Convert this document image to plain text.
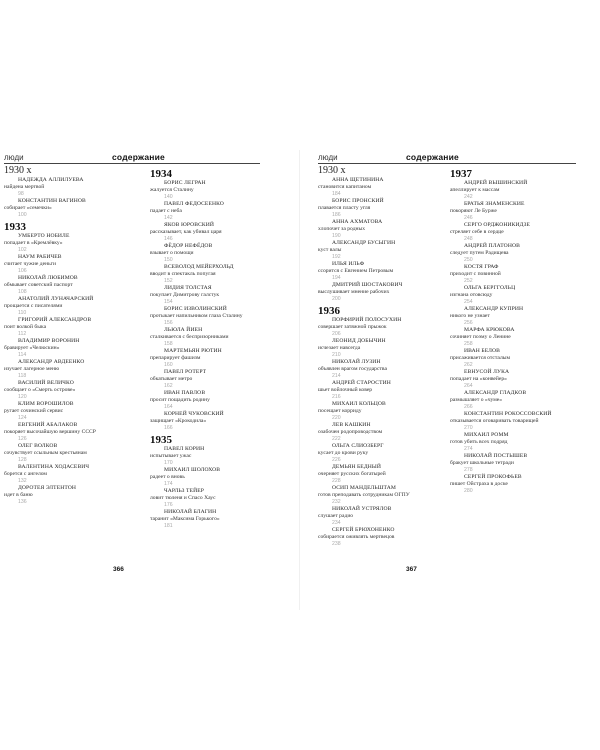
люди	содержание
1930 х
НАДЕЖДА АЛЛИЛУЕВА
найдена мертвой
98
КОНСТАНТИН ВАГИНОВ
собирает «семечки»
100
1933
УМБЕРТО НОБИЛЕ
попадает в «Кремлёвку»
102
НАУМ РАБИЧЕВ
считает чужие деньги
106
НИКОЛАЙ ЛЮБИМОВ
обмывает советский паспорт
108
АНАТОЛИЙ ЛУНАЧАРСКИЙ
прощается с писателями
110
ГРИГОРИЙ АЛЕКСАНДРОВ
поит волкой быка
112
ВЛАДИМИР ВОРОНИН
бравирует «Челюскин»
114
АЛЕКСАНДР АВДЕЕНКО
изучает лагерное меню
118
ВАСИЛИЙ ВЕЛИЧКО
сообщает о «Смерть острове»
120
КЛИМ ВОРОШИЛОВ
ругает сочинский сервис
124
ЕВГЕНИЙ АБАЛАКОВ
покоряет высочайшую вершину СССР
126
ОЛЕГ ВОЛКОВ
сочувствует ссыльным крестьянам
128
ВАЛЕНТИНА ХОДАСЕВИЧ
борется с ангелом
132
ДОРОТЕЯ ЭЛТЕНТОН
идет в баню
136
1934
БОРИС ЛЕГРАН
жалуется Сталину
140
ПАВЕЛ ФЕДОСЕЕНКО
падает с неба
142
ЯКОВ ЮРОВСКИЙ
рассказывает, как убивал царя
146
ФЁДОР НЕФЁДОВ
взывает о помощи
150
ВСЕВОЛОД МЕЙЕРХОЛЬД
вводит в спектакль попугая
152
ЛИДИЯ ТОЛСТАЯ
покупает Димитрову галстук
154
БОРИС ИЗВОЛИНСКИЙ
протыкает напильником глаза Сталину
156
ЛЬЮЛА ЙИЕН
сталкивается с беспризорниками
158
МАРТЕМЬЯН РЮТИН
препарирует фашизм
160
ПАВЕЛ РОТЕРТ
обкатывает метро
162
ИВАН ПАВЛОВ
просит пощадить родину
164
КОРНЕЙ ЧУКОВСКИЙ
защищает «Крокодила»
166
1935
ПАВЕЛ КОРИН
испытывает ужас
170
МИХАИЛ ШОЛОХОВ
радеет о вновь
174
ЧАРЛЬЗ ТЕЙЕР
ловит тюленя и Спасо Хаус
176
НИКОЛАЙ БЛАГИН
таранит «Максима Горького»
181
366
люди	содержание
1930 х
АННА ЩЕТИНИНА
становится капитаном
184
БОРИС ПРОНСКИЙ
плавается пласту угля
186
АННА АХМАТОВА
хлопочет за родных
190
АЛЕКСАНДР БУСЫГИН
куст валы
192
ИЛЬЯ ИЛЬФ
ссорится с Евгением Петровым
194
ДМИТРИЙ ШОСТАКОВИЧ
выслушивает мнение рабочих
200
1936
ПОРФИРИЙ ПОЛОСУХИН
совершает затяжной прыжок
206
ЛЕОНИД ДОБЫЧИН
исчезает навсегда
210
НИКОЛАЙ ЛУЗИН
объявлен врагом государства
214
АНДРЕЙ СТАРОСТИН
шьет войлочный ковер
216
МИХАИЛ КОЛЬЦОВ
посещает корриду
220
ЛЕВ КАШКИН
озабочен родопроводством
222
ОЛЬГА СЛИОЗБЕРГ
кусает до крови руку
226
ДЕМЬЯН БЕДНЫЙ
очерняет русских богатырей
228
ОСИП МАНДЕЛЬШТАМ
готов преподавать сотрудникам ОГПУ
232
НИКОЛАЙ УСТРЯЛОВ
слушает радио
234
СЕРГЕЙ БРЮХОНЕНКО
собирается оживлять мертвецов
238
1937
АНДРЕЙ ВЫШИНСКИЙ
апеллирует к массам
242
БРАТЬЯ ЗНАМЕНСКИЕ
покоряют Ле Бурже
246
СЕРГО ОРДЖОНИКИДЗЕ
стреляет себе в сердце
248
АНДРЕЙ ПЛАТОНОВ
следует путем Радищева
250
КОСТЯ ГРАФ
приходит с повинной
252
ОЛЬГА БЕРГГОЛЬЦ
изгнана отовсюду
254
АЛЕКСАНДР КУПРИН
никого не узнает
256
МАРФА КРЮКОВА
сочиняет поэму о Ленине
258
ИВАН БЕЛОВ
присаживается отсталым
262
ЕВНУСОЙ ЛУКА
попадает на «конвейер»
264
АЛЕКСАНДР ГЛАДКОВ
размышляет о «чуме»
266
КОНСТАНТИН РОКОССОВСКИЙ
отказывается оговаривать товарищей
270
МИХАИЛ РОММ
готов убить всех подряд
274
НИКОЛАЙ ПОСТЫШЕВ
бракует школьные тетради
278
СЕРГЕЙ ПРОКОФЬЕВ
пишет Ойстраха в доске
280
367
